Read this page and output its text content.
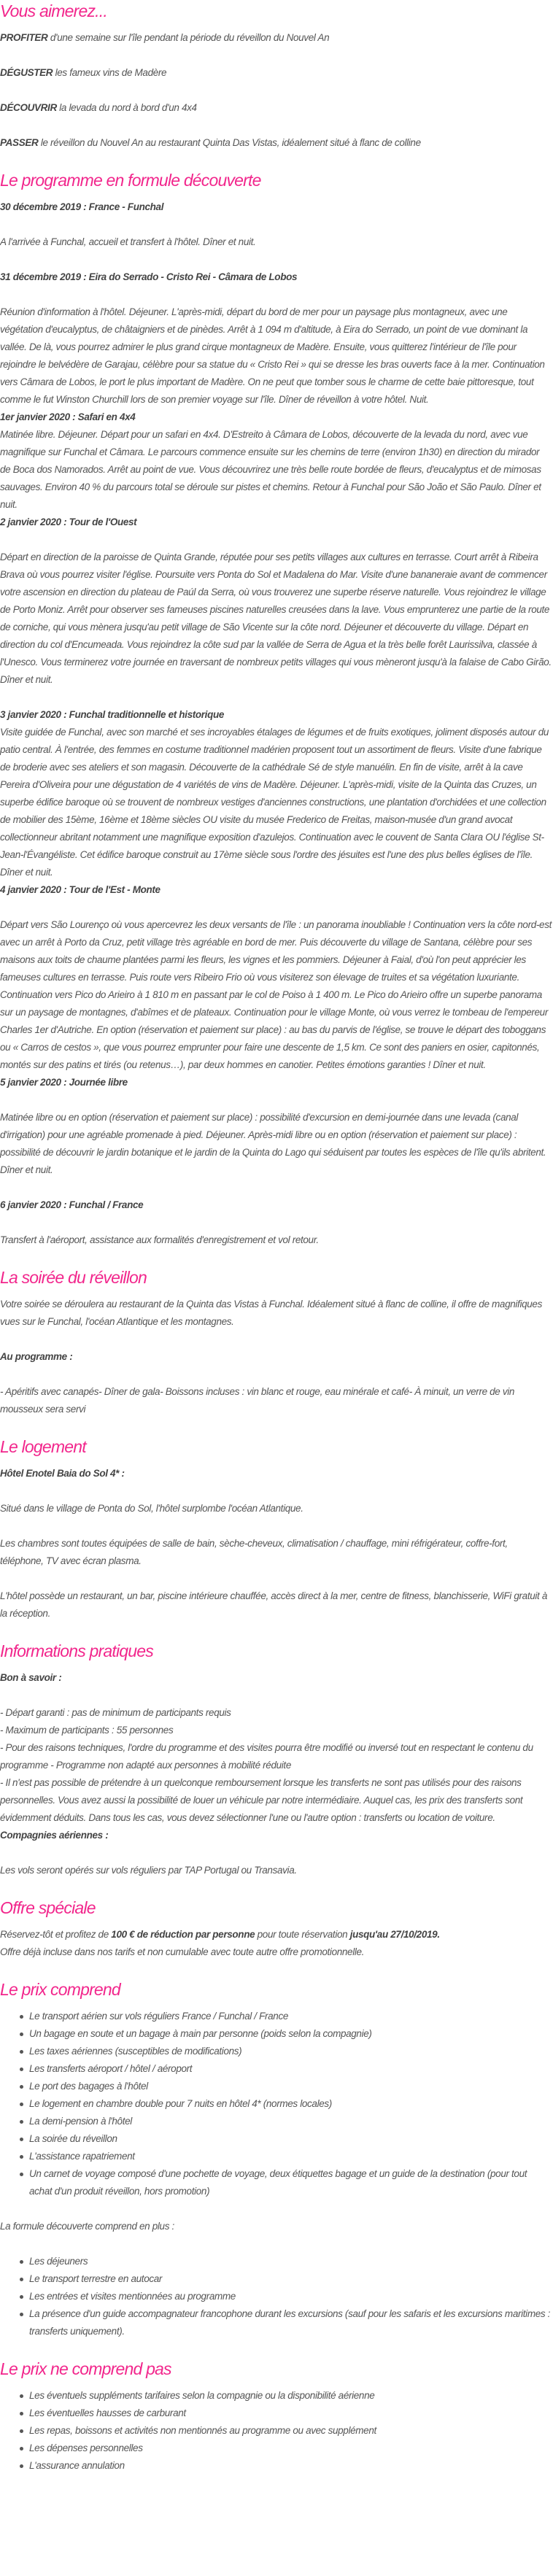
Vous aimerez...

PROFITER d'une semaine sur l'île pendant la période du réveillon du Nouvel An

DÉGUSTER les fameux vins de Madère

DÉCOUVRIR la levada du nord à bord d'un 4x4

PASSER le réveillon du Nouvel An au restaurant Quinta Das Vistas, idéalement situé à flanc de colline

Le programme en formule découverte

30 décembre 2019 : France - Funchal

A l'arrivée à Funchal, accueil et transfert à l'hôtel. Dîner et nuit.

31 décembre 2019 : Eira do Serrado - Cristo Rei - Câmara de Lobos

Réunion d'information à l'hôtel. Déjeuner. L'après-midi, départ du bord de mer pour un paysage plus montagneux, avec une végétation d'eucalyptus, de châtaigniers et de pinèdes. Arrêt à 1 094 m d'altitude, à Eira do Serrado, un point de vue dominant la vallée. De là, vous pourrez admirer le plus grand cirque montagneux de Madère. Ensuite, vous quitterez l'intérieur de l'île pour rejoindre le belvédère de Garajau, célèbre pour sa statue du « Cristo Rei » qui se dresse les bras ouverts face à la mer. Continuation vers Câmara de Lobos, le port le plus important de Madère. On ne peut que tomber sous le charme de cette baie pittoresque, tout comme le fut Winston Churchill lors de son premier voyage sur l'île. Dîner de réveillon à votre hôtel. Nuit.

1er janvier 2020 : Safari en 4x4

Matinée libre. Déjeuner. Départ pour un safari en 4x4. D'Estreito à Câmara de Lobos, découverte de la levada du nord, avec vue magnifique sur Funchal et Câmara. Le parcours commence ensuite sur les chemins de terre (environ 1h30) en direction du mirador de Boca dos Namorados. Arrêt au point de vue. Vous découvrirez une très belle route bordée de fleurs, d'eucalyptus et de mimosas sauvages. Environ 40 % du parcours total se déroule sur pistes et chemins. Retour à Funchal pour São João et São Paulo. Dîner et nuit.

2 janvier 2020 : Tour de l'Ouest

Départ en direction de la paroisse de Quinta Grande, réputée pour ses petits villages aux cultures en terrasse. Court arrêt à Ribeira Brava où vous pourrez visiter l'église. Poursuite vers Ponta do Sol et Madalena do Mar. Visite d'une bananeraie avant de commencer votre ascension en direction du plateau de Paúl da Serra, où vous trouverez une superbe réserve naturelle. Vous rejoindrez le village de Porto Moniz. Arrêt pour observer ses fameuses piscines naturelles creusées dans la lave. Vous emprunterez une partie de la route de corniche, qui vous mènera jusqu'au petit village de São Vicente sur la côte nord. Déjeuner et découverte du village. Départ en direction du col d'Encumeada. Vous rejoindrez la côte sud par la vallée de Serra de Agua et la très belle forêt Laurissilva, classée à l'Unesco. Vous terminerez votre journée en traversant de nombreux petits villages qui vous mèneront jusqu'à la falaise de Cabo Girão. Dîner et nuit.

3 janvier 2020 : Funchal traditionnelle et historique

Visite guidée de Funchal, avec son marché et ses incroyables étalages de légumes et de fruits exotiques, joliment disposés autour du patio central. À l'entrée, des femmes en costume traditionnel madérien proposent tout un assortiment de fleurs. Visite d'une fabrique de broderie avec ses ateliers et son magasin. Découverte de la cathédrale Sé de style manuélin. En fin de visite, arrêt à la cave Pereira d'Oliveira pour une dégustation de 4 variétés de vins de Madère. Déjeuner. L'après-midi, visite de la Quinta das Cruzes, un superbe édifice baroque où se trouvent de nombreux vestiges d'anciennes constructions, une plantation d'orchidées et une collection de mobilier des 15ème, 16ème et 18ème siècles OU visite du musée Frederico de Freitas, maison-musée d'un grand avocat collectionneur abritant notamment une magnifique exposition d'azulejos. Continuation avec le couvent de Santa Clara OU l'église St-Jean-l'Évangéliste. Cet édifice baroque construit au 17ème siècle sous l'ordre des jésuites est l'une des plus belles églises de l'île. Dîner et nuit.

4 janvier 2020 : Tour de l'Est - Monte

Départ vers São Lourenço où vous apercevrez les deux versants de l'île : un panorama inoubliable ! Continuation vers la côte nord-est avec un arrêt à Porto da Cruz, petit village très agréable en bord de mer. Puis découverte du village de Santana, célèbre pour ses maisons aux toits de chaume plantées parmi les fleurs, les vignes et les pommiers. Déjeuner à Faial, d'où l'on peut apprécier les fameuses cultures en terrasse. Puis route vers Ribeiro Frio où vous visiterez son élevage de truites et sa végétation luxuriante. Continuation vers Pico do Arieiro à 1 810 m en passant par le col de Poiso à 1 400 m. Le Pico do Arieiro offre un superbe panorama sur un paysage de montagnes, d'abîmes et de plateaux. Continuation pour le village Monte, où vous verrez le tombeau de l'empereur Charles 1er d'Autriche. En option (réservation et paiement sur place) : au bas du parvis de l'église, se trouve le départ des toboggans ou « Carros de cestos », que vous pourrez emprunter pour faire une descente de 1,5 km. Ce sont des paniers en osier, capitonnés, montés sur des patins et tirés (ou retenus…), par deux hommes en canotier. Petites émotions garanties ! Dîner et nuit.

5 janvier 2020 : Journée libre

Matinée libre ou en option (réservation et paiement sur place) : possibilité d'excursion en demi-journée dans une levada (canal d'irrigation) pour une agréable promenade à pied. Déjeuner. Après-midi libre ou en option (réservation et paiement sur place) : possibilité de découvrir le jardin botanique et le jardin de la Quinta do Lago qui séduisent par toutes les espèces de l'île qu'ils abritent. Dîner et nuit.

6 janvier 2020 : Funchal / France

Transfert à l'aéroport, assistance aux formalités d'enregistrement et vol retour.

La soirée du réveillon

Votre soirée se déroulera au restaurant de la Quinta das Vistas à Funchal. Idéalement situé à flanc de colline, il offre de magnifiques vues sur le Funchal, l'océan Atlantique et les montagnes.

Au programme :

- Apéritifs avec canapés- Dîner de gala- Boissons incluses : vin blanc et rouge, eau minérale et café- À minuit, un verre de vin mousseux sera servi

Le logement

Hôtel Enotel Baia do Sol 4* :

Situé dans le village de Ponta do Sol, l'hôtel surplombe l'océan Atlantique.

Les chambres sont toutes équipées de salle de bain, sèche-cheveux, climatisation / chauffage, mini réfrigérateur, coffre-fort, téléphone, TV avec écran plasma.

L'hôtel possède un restaurant, un bar, piscine intérieure chauffée, accès direct à la mer, centre de fitness, blanchisserie, WiFi gratuit à la réception.

Informations pratiques

Bon à savoir :

- Départ garanti : pas de minimum de participants requis

- Maximum de participants : 55 personnes

- Pour des raisons techniques, l'ordre du programme et des visites pourra être modifié ou inversé tout en respectant le contenu du programme - Programme non adapté aux personnes à mobilité réduite

- Il n'est pas possible de prétendre à un quelconque remboursement lorsque les transferts ne sont pas utilisés pour des raisons personnelles. Vous avez aussi la possibilité de louer un véhicule par notre intermédiaire. Auquel cas, les prix des transferts sont évidemment déduits. Dans tous les cas, vous devez sélectionner l'une ou l'autre option : transferts ou location de voiture.

Compagnies aériennes :

Les vols seront opérés sur vols réguliers par TAP Portugal ou Transavia.

Offre spéciale

Réservez-tôt et profitez de 100 € de réduction par personne pour toute réservation jusqu'au 27/10/2019.

Offre déjà incluse dans nos tarifs et non cumulable avec toute autre offre promotionnelle.

Le prix comprend
Le transport aérien sur vols réguliers France / Funchal / France
Un bagage en soute et un bagage à main par personne (poids selon la compagnie)
Les taxes aériennes (susceptibles de modifications)
Les transferts aéroport / hôtel / aéroport
Le port des bagages à l'hôtel
Le logement en chambre double pour 7 nuits en hôtel 4* (normes locales)
La demi-pension à l'hôtel
La soirée du réveillon
L'assistance rapatriement
Un carnet de voyage composé d'une pochette de voyage, deux étiquettes bagage et un guide de la destination (pour tout achat d'un produit réveillon, hors promotion)

La formule découverte comprend en plus :

Les déjeuners
Le transport terrestre en autocar
Les entrées et visites mentionnées au programme
La présence d'un guide accompagnateur francophone durant les excursions (sauf pour les safaris et les excursions maritimes : transferts uniquement).
Le prix ne comprend pas
Les éventuels suppléments tarifaires selon la compagnie ou la disponibilité aérienne
Les éventuelles hausses de carburant
Les repas, boissons et activités non mentionnés au programme ou avec supplément
Les dépenses personnelles
L'assurance annulation
